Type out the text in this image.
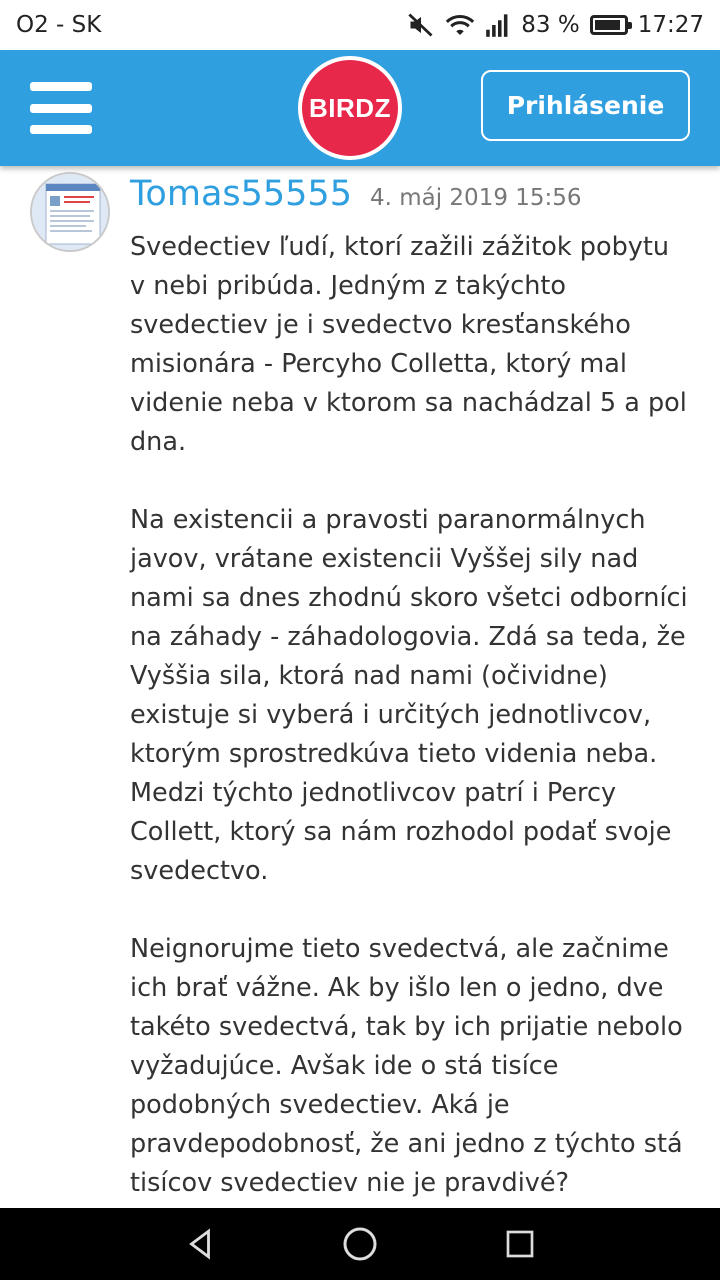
O2 - SK	83 %	17:27
BIRDZ	Prihlásenie
Tomas55555 4. máj 2019 15:56

Svedectiev ľudí, ktorí zažili zážitok pobytu v nebi pribúda. Jedným z takýchto svedectiev je i svedectvo kresťanského misionára - Percyho Colletta, ktorý mal videnie neba v ktorom sa nachádzal 5 a pol dna.

Na existencii a pravosti paranormálnych javov, vrátane existencii Vyššej sily nad nami sa dnes zhodnú skoro všetci odborníci na záhady - záhadologovia. Zdá sa teda, že Vyššia sila, ktorá nad nami (očividne) existuje si vyberá i určitých jednotlivcov, ktorým sprostredkúva tieto videnia neba. Medzi týchto jednotlivcov patrí i Percy Collett, ktorý sa nám rozhodol podať svoje svedectvo.

Neignorujme tieto svedectvá, ale začnime ich brať vážne. Ak by išlo len o jedno, dve takéto svedectvá, tak by ich prijatie nebolo vyžadujúce. Avšak ide o stá tisíce podobných svedectiev. Aká je pravdepodobnosť, že ani jedno z týchto stá tisícov svedectiev nie je pravdivé?
